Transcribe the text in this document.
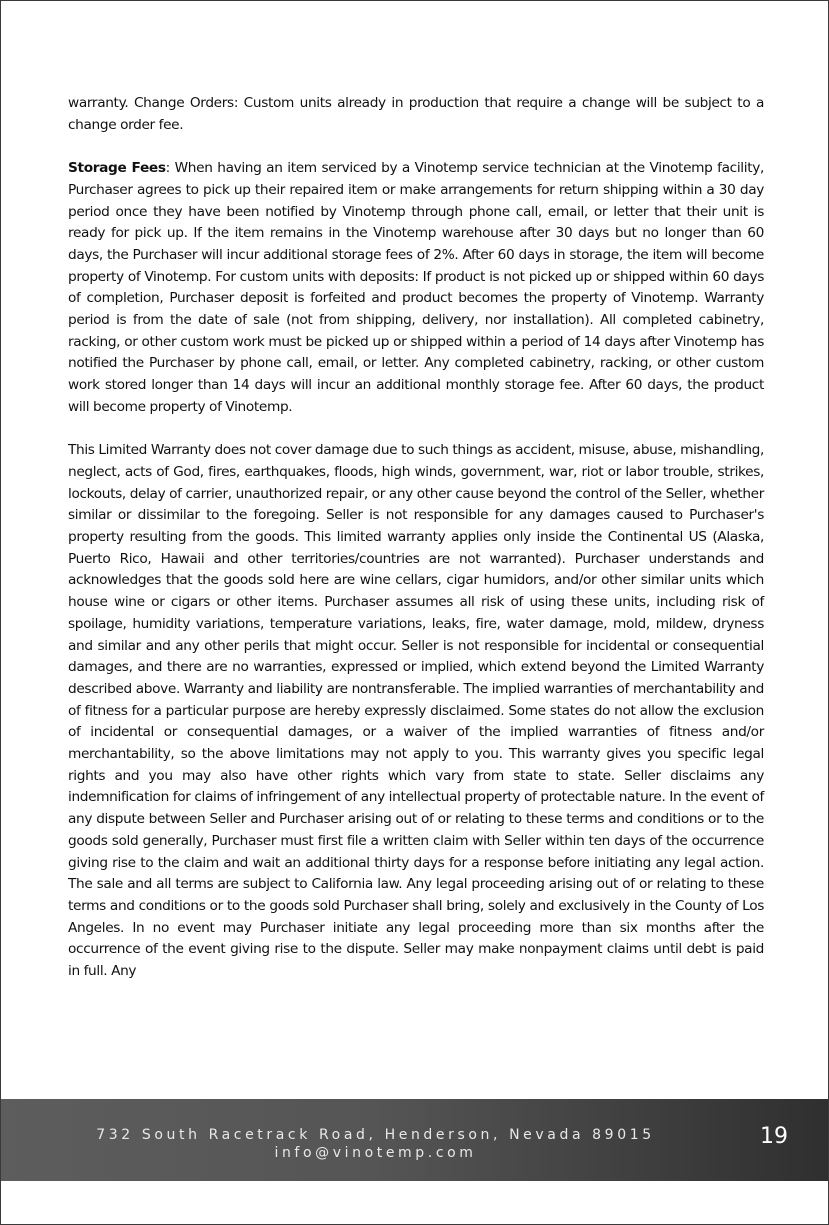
warranty. Change Orders: Custom units already in production that require a change will be subject to a change order fee.

Storage Fees: When having an item serviced by a Vinotemp service technician at the Vinotemp facility, Purchaser agrees to pick up their repaired item or make arrangements for return shipping within a 30 day period once they have been notified by Vinotemp through phone call, email, or letter that their unit is ready for pick up. If the item remains in the Vinotemp warehouse after 30 days but no longer than 60 days, the Purchaser will incur additional storage fees of 2%. After 60 days in storage, the item will become property of Vinotemp. For custom units with deposits: If product is not picked up or shipped within 60 days of completion, Purchaser deposit is forfeited and product becomes the property of Vinotemp. Warranty period is from the date of sale (not from shipping, delivery, nor installation). All completed cabinetry, racking, or other custom work must be picked up or shipped within a period of 14 days after Vinotemp has notified the Purchaser by phone call, email, or letter. Any completed cabinetry, racking, or other custom work stored longer than 14 days will incur an additional monthly storage fee. After 60 days, the product will become property of Vinotemp.

This Limited Warranty does not cover damage due to such things as accident, misuse, abuse, mishandling, neglect, acts of God, fires, earthquakes, floods, high winds, government, war, riot or labor trouble, strikes, lockouts, delay of carrier, unauthorized repair, or any other cause beyond the control of the Seller, whether similar or dissimilar to the foregoing. Seller is not responsible for any damages caused to Purchaser's property resulting from the goods. This limited warranty applies only inside the Continental US (Alaska, Puerto Rico, Hawaii and other territories/countries are not warranted). Purchaser understands and acknowledges that the goods sold here are wine cellars, cigar humidors, and/or other similar units which house wine or cigars or other items. Purchaser assumes all risk of using these units, including risk of spoilage, humidity variations, temperature variations, leaks, fire, water damage, mold, mildew, dryness and similar and any other perils that might occur. Seller is not responsible for incidental or consequential damages, and there are no warranties, expressed or implied, which extend beyond the Limited Warranty described above. Warranty and liability are nontransferable. The implied warranties of merchantability and of fitness for a particular purpose are hereby expressly disclaimed. Some states do not allow the exclusion of incidental or consequential damages, or a waiver of the implied warranties of fitness and/or merchantability, so the above limitations may not apply to you. This warranty gives you specific legal rights and you may also have other rights which vary from state to state. Seller disclaims any indemnification for claims of infringement of any intellectual property of protectable nature. In the event of any dispute between Seller and Purchaser arising out of or relating to these terms and conditions or to the goods sold generally, Purchaser must first file a written claim with Seller within ten days of the occurrence giving rise to the claim and wait an additional thirty days for a response before initiating any legal action. The sale and all terms are subject to California law. Any legal proceeding arising out of or relating to these terms and conditions or to the goods sold Purchaser shall bring, solely and exclusively in the County of Los Angeles. In no event may Purchaser initiate any legal proceeding more than six months after the occurrence of the event giving rise to the dispute. Seller may make nonpayment claims until debt is paid in full. Any

732 South Racetrack Road, Henderson, Nevada 89015
info@vinotemp.com
19
